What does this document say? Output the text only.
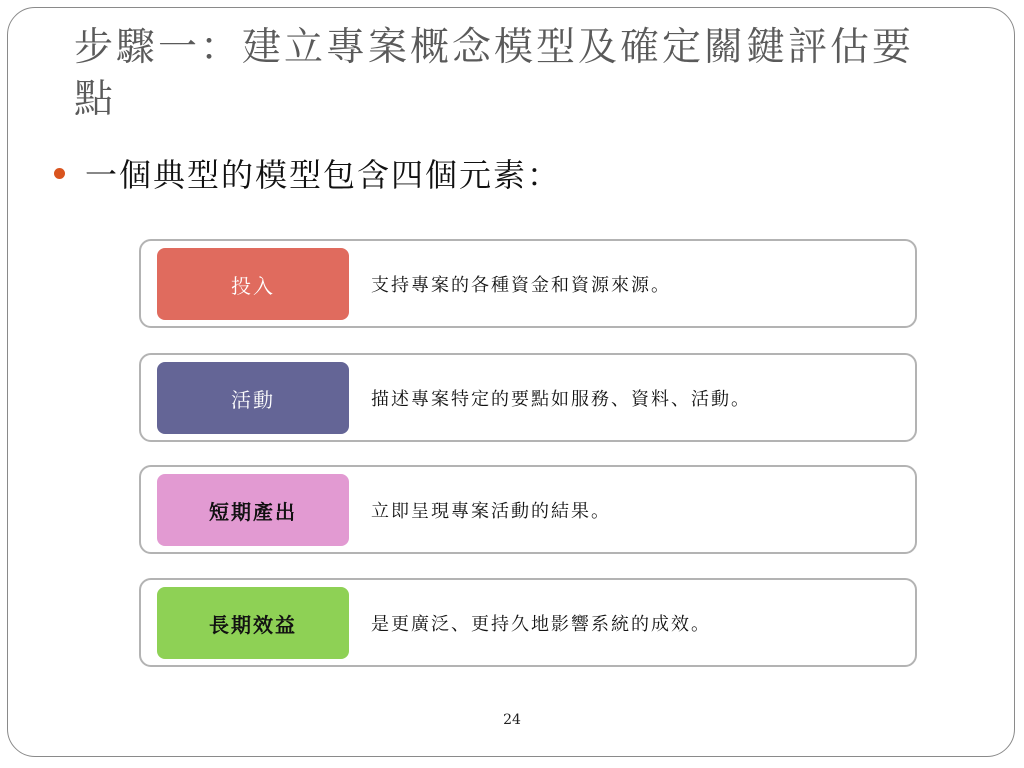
步驟一：建立專案概念模型及確定關鍵評估要點
一個典型的模型包含四個元素：
投入	支持專案的各種資金和資源來源。
活動	描述專案特定的要點如服務、資料、活動。
短期產出	立即呈現專案活動的結果。
長期效益	是更廣泛、更持久地影響系統的成效。
24
